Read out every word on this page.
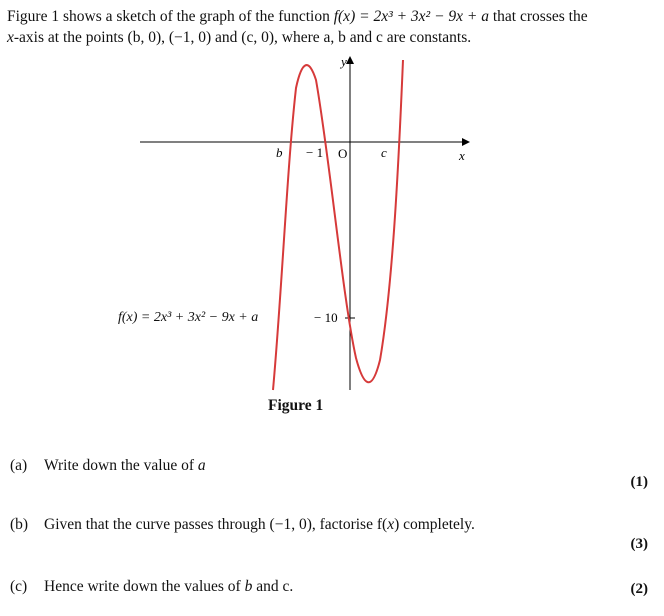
Figure 1 shows a sketch of the graph of the function f(x) = 2x³ + 3x² − 9x + a that crosses the

x-axis at the points (b, 0), (−1, 0) and (c, 0), where a, b and c are constants.

y
x
b − 1 O	c
− 10
f(x) = 2x³ + 3x² − 9x + a
Figure 1
(a) Write down the value of a
(1)
(b) Given that the curve passes through (−1, 0), factorise f(x) completely.
(3)
(c) Hence write down the values of b and c.	(2)
